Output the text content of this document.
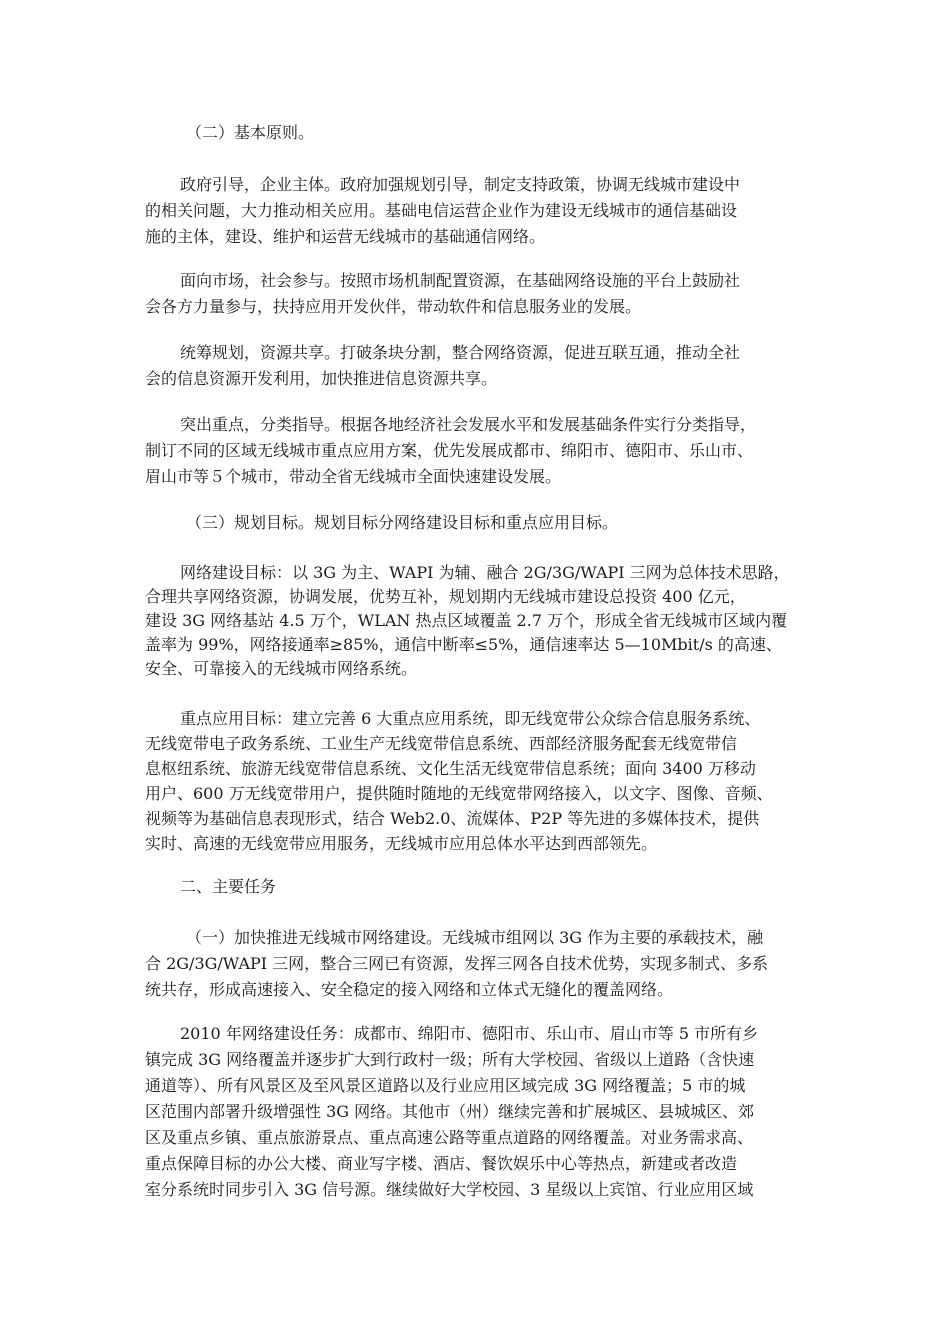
（二）基本原则。

政府引导，企业主体。政府加强规划引导，制定支持政策，协调无线城市建设中

的相关问题，大力推动相关应用。基础电信运营企业作为建设无线城市的通信基础设

施的主体，建设、维护和运营无线城市的基础通信网络。

面向市场，社会参与。按照市场机制配置资源，在基础网络设施的平台上鼓励社

会各方力量参与，扶持应用开发伙伴，带动软件和信息服务业的发展。

统筹规划，资源共享。打破条块分割，整合网络资源，促进互联互通，推动全社

会的信息资源开发利用，加快推进信息资源共享。

突出重点，分类指导。根据各地经济社会发展水平和发展基础条件实行分类指导，

制订不同的区域无线城市重点应用方案，优先发展成都市、绵阳市、德阳市、乐山市、

眉山市等５个城市，带动全省无线城市全面快速建设发展。

（三）规划目标。规划目标分网络建设目标和重点应用目标。

网络建设目标：以 3G 为主、WAPI 为辅、融合 2G/3G/WAPI 三网为总体技术思路，

合理共享网络资源，协调发展，优势互补，规划期内无线城市建设总投资 400 亿元，

建设 3G 网络基站 4.5 万个，WLAN 热点区域覆盖 2.7 万个，形成全省无线城市区域内覆

盖率为 99%，网络接通率≥85%，通信中断率≤5%，通信速率达 5—10Mbit/s 的高速、

安全、可靠接入的无线城市网络系统。

重点应用目标：建立完善 6 大重点应用系统，即无线宽带公众综合信息服务系统、

无线宽带电子政务系统、工业生产无线宽带信息系统、西部经济服务配套无线宽带信

息枢纽系统、旅游无线宽带信息系统、文化生活无线宽带信息系统；面向 3400 万移动

用户、600 万无线宽带用户，提供随时随地的无线宽带网络接入，以文字、图像、音频、

视频等为基础信息表现形式，结合 Web2.0、流媒体、P2P 等先进的多媒体技术，提供

实时、高速的无线宽带应用服务，无线城市应用总体水平达到西部领先。

二、主要任务

（一）加快推进无线城市网络建设。无线城市组网以 3G 作为主要的承载技术，融

合 2G/3G/WAPI 三网，整合三网已有资源，发挥三网各自技术优势，实现多制式、多系

统共存，形成高速接入、安全稳定的接入网络和立体式无缝化的覆盖网络。

2010 年网络建设任务：成都市、绵阳市、德阳市、乐山市、眉山市等 5 市所有乡

镇完成 3G 网络覆盖并逐步扩大到行政村一级；所有大学校园、省级以上道路（含快速

通道等）、所有风景区及至风景区道路以及行业应用区域完成 3G 网络覆盖；5 市的城

区范围内部署升级增强性 3G 网络。其他市（州）继续完善和扩展城区、县城城区、郊

区及重点乡镇、重点旅游景点、重点高速公路等重点道路的网络覆盖。对业务需求高、

重点保障目标的办公大楼、商业写字楼、酒店、餐饮娱乐中心等热点，新建或者改造

室分系统时同步引入 3G 信号源。继续做好大学校园、3 星级以上宾馆、行业应用区域
